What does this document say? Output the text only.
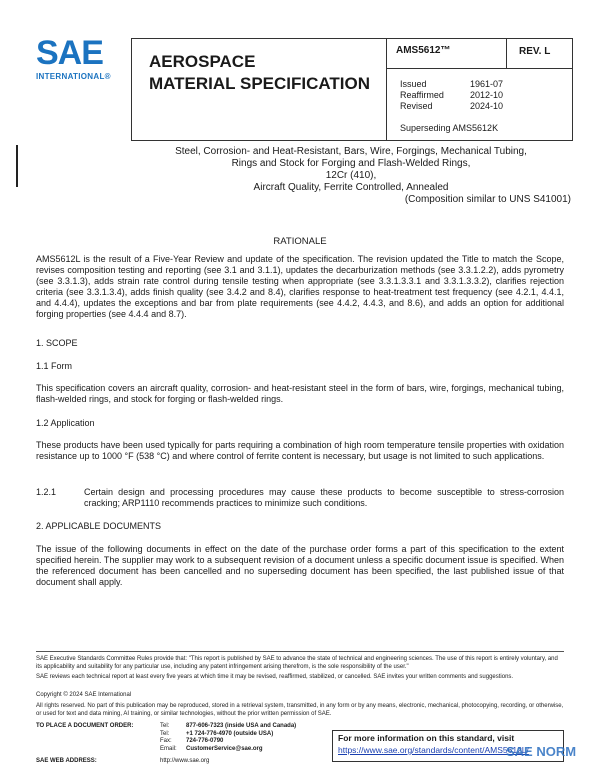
SAE
INTERNATIONAL®
AEROSPACE
MATERIAL SPECIFICATION
AMS5612™	REV. L
Issued	1961-07
Reaffirmed	2012-10
Revised	2024-10
Superseding AMS5612K
Steel, Corrosion- and Heat-Resistant, Bars, Wire, Forgings, Mechanical Tubing,
Rings and Stock for Forging and Flash-Welded Rings,
12Cr (410),
Aircraft Quality, Ferrite Controlled, Annealed
(Composition similar to UNS S41001)
RATIONALE
AMS5612L is the result of a Five-Year Review and update of the specification. The revision updated the Title to match the Scope, revises composition testing and reporting (see 3.1 and 3.1.1), updates the decarburization methods (see 3.3.1.2.2), adds pyrometry (see 3.3.1.3), adds strain rate control during tensile testing when appropriate (see 3.3.1.3.3.1 and 3.3.1.3.3.2), clarifies rejection criteria (see 3.3.1.3.4), adds finish quality (see 3.4.2 and 8.4), clarifies response to heat-treatment test frequency (see 4.2.1, 4.4.1, and 4.4.4), updates the exceptions and bar from plate requirements (see 4.4.2, 4.4.3, and 8.6), and adds an option for additional forging properties (see 4.4.4 and 8.7).
1. SCOPE
1.1 Form
This specification covers an aircraft quality, corrosion- and heat-resistant steel in the form of bars, wire, forgings, mechanical tubing, flash-welded rings, and stock for forging or flash-welded rings.
1.2 Application
These products have been used typically for parts requiring a combination of high room temperature tensile properties with oxidation resistance up to 1000 °F (538 °C) and where control of ferrite content is necessary, but usage is not limited to such applications.
1.2.1	Certain design and processing procedures may cause these products to become susceptible to stress-corrosion cracking; ARP1110 recommends practices to minimize such conditions.
2. APPLICABLE DOCUMENTS
The issue of the following documents in effect on the date of the purchase order forms a part of this specification to the extent specified herein. The supplier may work to a subsequent revision of a document unless a specific document issue is specified. When the referenced document has been cancelled and no superseding document has been specified, the last published issue of that document shall apply.
SAE Executive Standards Committee Rules provide that: "This report is published by SAE to advance the state of technical and engineering sciences. The use of this report is entirely voluntary, and its applicability and suitability for any particular use, including any patent infringement arising therefrom, is the sole responsibility of the user."
SAE reviews each technical report at least every five years at which time it may be revised, reaffirmed, stabilized, or cancelled. SAE invites your written comments and suggestions.
Copyright © 2024 SAE International
All rights reserved. No part of this publication may be reproduced, stored in a retrieval system, transmitted, in any form or by any means, electronic, mechanical, photocopying, recording, or otherwise, or used for text and data mining, AI training, or similar technologies, without the prior written permission of SAE.
TO PLACE A DOCUMENT ORDER:	Tel:	877-606-7323 (inside USA and Canada)
Tel:	+1 724-776-4970 (outside USA)
Fax: 724-776-0790
Email: CustomerService@sae.org
SAE WEB ADDRESS:	http://www.sae.org
For more information on this standard, visit
https://www.sae.org/standards/content/AMS5612L/
SAE NORM
